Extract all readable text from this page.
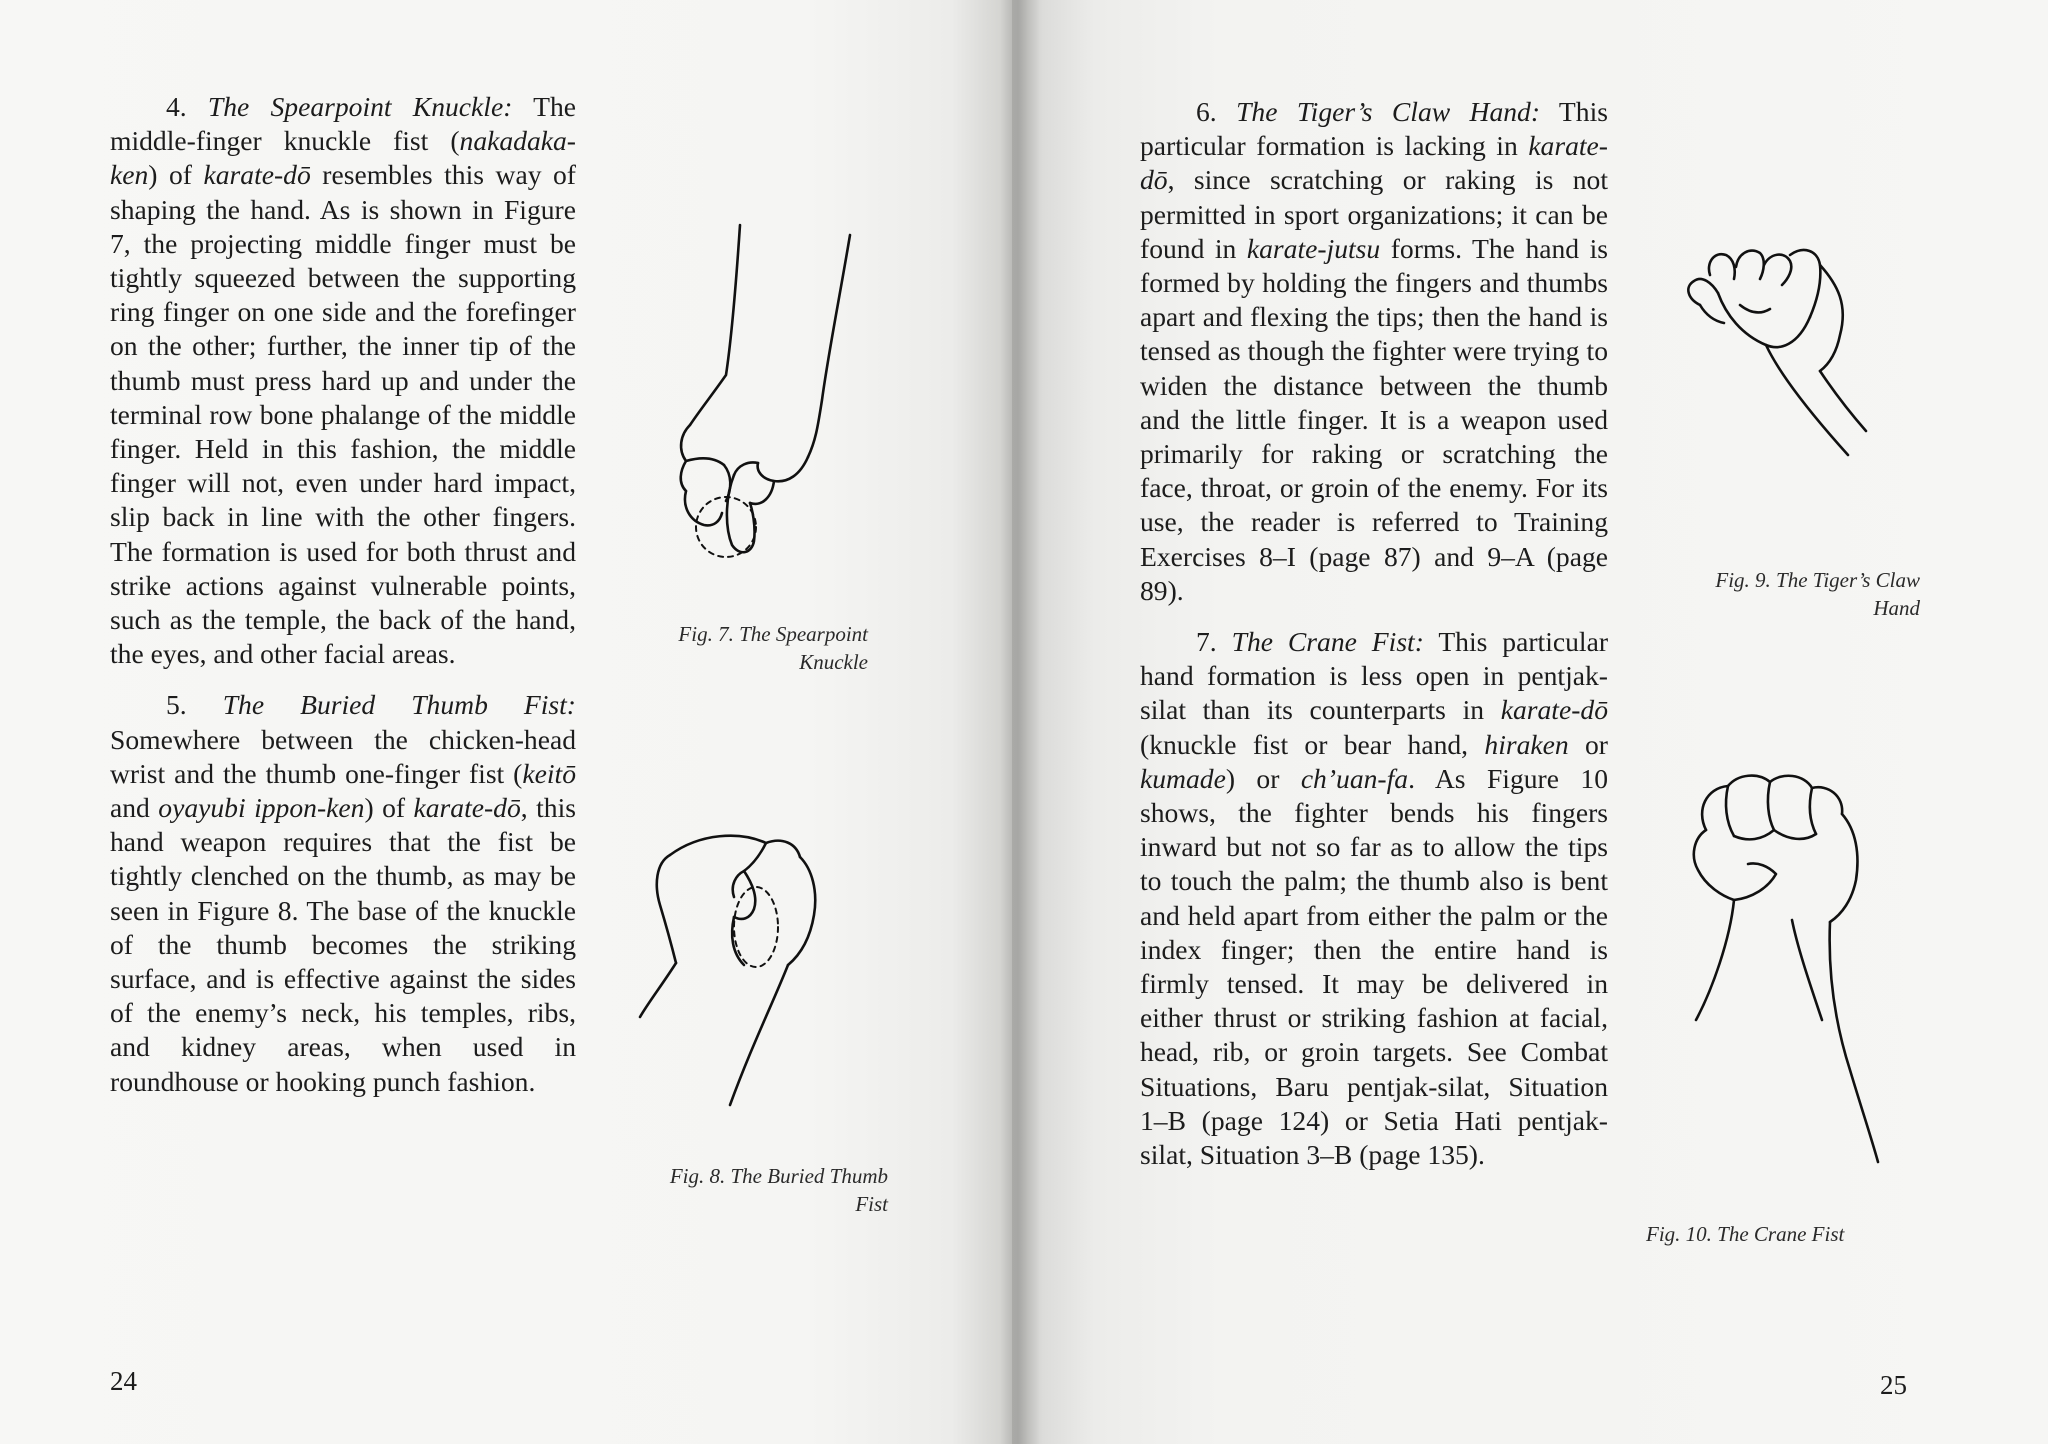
4. The Spearpoint Knuckle: The middle-finger knuckle fist (nakadaka-ken) of karate-dō resembles this way of shaping the hand. As is shown in Figure 7, the projecting middle finger must be tightly squeezed between the supporting ring finger on one side and the forefinger on the other; further, the inner tip of the thumb must press hard up and under the terminal row bone phalange of the middle finger. Held in this fashion, the middle finger will not, even under hard impact, slip back in line with the other fingers. The formation is used for both thrust and strike actions against vulnerable points, such as the temple, the back of the hand, the eyes, and other facial areas.

5. The Buried Thumb Fist: Somewhere between the chicken-head wrist and the thumb one-finger fist (keitō and oyayubi ippon-ken) of karate-dō, this hand weapon requires that the fist be tightly clenched on the thumb, as may be seen in Figure 8. The base of the knuckle of the thumb becomes the striking surface, and is effective against the sides of the enemy’s neck, his temples, ribs, and kidney areas, when used in roundhouse or hooking punch fashion.

Fig. 7. The Spearpoint
Knuckle
Fig. 8. The Buried Thumb
Fist
24

6. The Tiger’s Claw Hand: This particular formation is lacking in karate-dō, since scratching or raking is not permitted in sport organizations; it can be found in karate-jutsu forms. The hand is formed by holding the fingers and thumbs apart and flexing the tips; then the hand is tensed as though the fighter were trying to widen the distance between the thumb and the little finger. It is a weapon used primarily for raking or scratching the face, throat, or groin of the enemy. For its use, the reader is referred to Training Exercises 8–I (page 87) and 9–A (page 89).

7. The Crane Fist: This particular hand formation is less open in pentjak-silat than its counterparts in karate-dō (knuckle fist or bear hand, hiraken or kumade) or ch’uan-fa. As Figure 10 shows, the fighter bends his fingers inward but not so far as to allow the tips to touch the palm; the thumb also is bent and held apart from either the palm or the index finger; then the entire hand is firmly tensed. It may be delivered in either thrust or striking fashion at facial, head, rib, or groin targets. See Combat Situations, Baru pentjak-silat, Situation 1–B (page 124) or Setia Hati pentjak-silat, Situation 3–B (page 135).

Fig. 9. The Tiger’s Claw
Hand
Fig. 10. The Crane Fist
25
